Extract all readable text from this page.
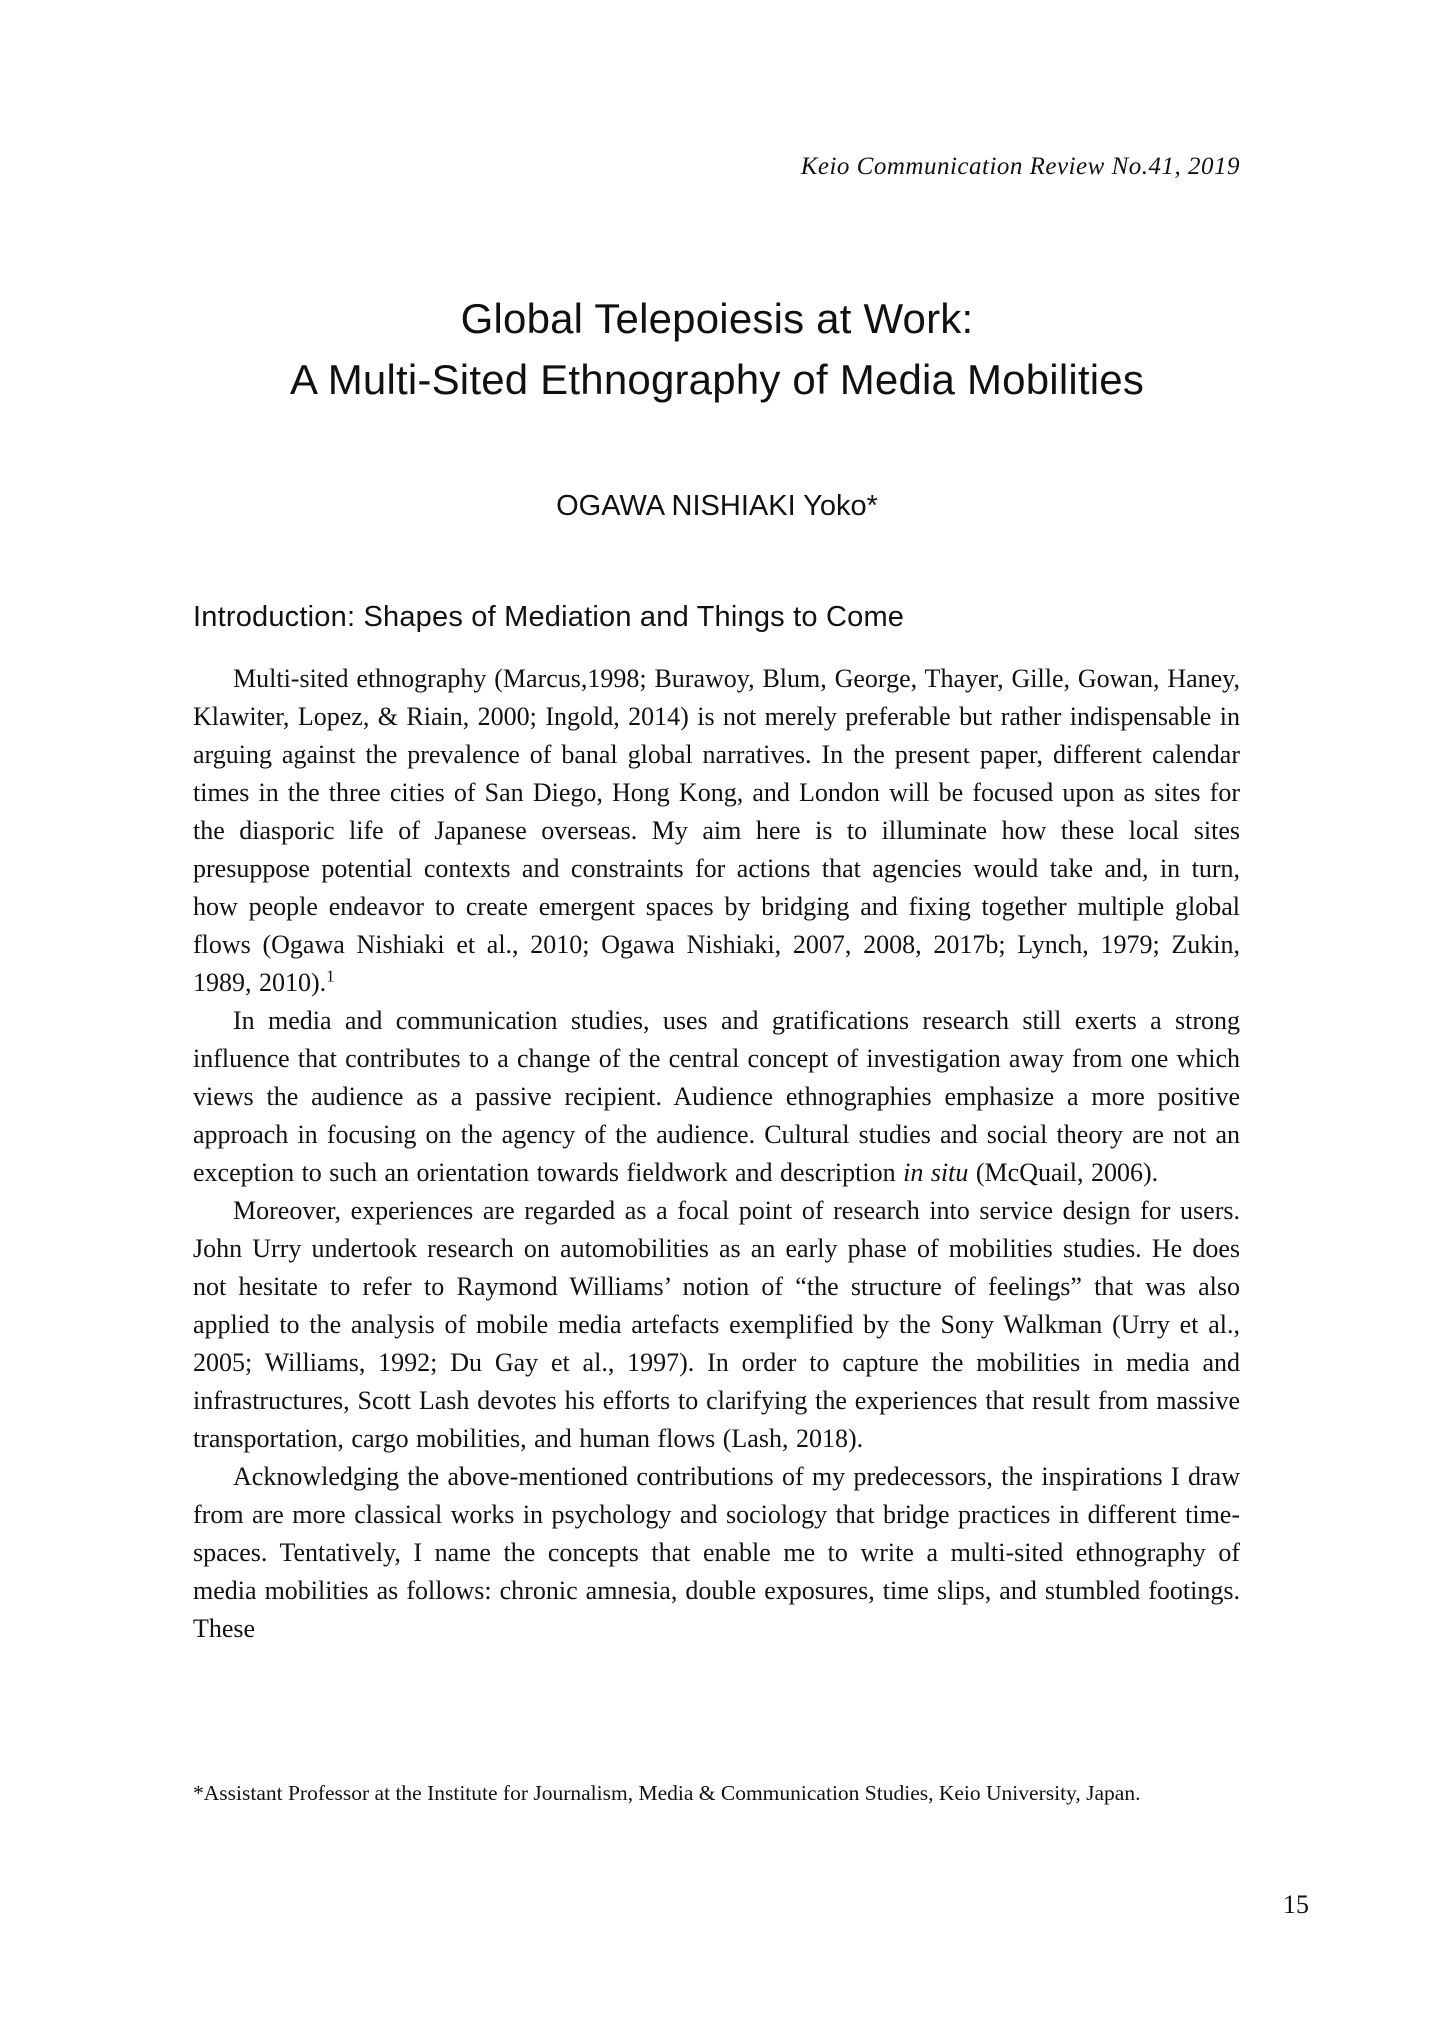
Keio Communication Review No.41, 2019
Global Telepoiesis at Work:
A Multi-Sited Ethnography of Media Mobilities
OGAWA NISHIAKI Yoko*
Introduction: Shapes of Mediation and Things to Come

Multi-sited ethnography (Marcus,1998; Burawoy, Blum, George, Thayer, Gille, Gowan, Haney, Klawiter, Lopez, & Riain, 2000; Ingold, 2014) is not merely preferable but rather indispensable in arguing against the prevalence of banal global narratives. In the present paper, different calendar times in the three cities of San Diego, Hong Kong, and London will be focused upon as sites for the diasporic life of Japanese overseas. My aim here is to illuminate how these local sites presuppose potential contexts and constraints for actions that agencies would take and, in turn, how people endeavor to create emergent spaces by bridging and fixing together multiple global flows (Ogawa Nishiaki et al., 2010; Ogawa Nishiaki, 2007, 2008, 2017b; Lynch, 1979; Zukin, 1989, 2010).$^1$

In media and communication studies, uses and gratifications research still exerts a strong influence that contributes to a change of the central concept of investigation away from one which views the audience as a passive recipient. Audience ethnographies emphasize a more positive approach in focusing on the agency of the audience. Cultural studies and social theory are not an exception to such an orientation towards fieldwork and description in situ (McQuail, 2006).

Moreover, experiences are regarded as a focal point of research into service design for users. John Urry undertook research on automobilities as an early phase of mobilities studies. He does not hesitate to refer to Raymond Williams’ notion of “the structure of feelings” that was also applied to the analysis of mobile media artefacts exemplified by the Sony Walkman (Urry et al., 2005; Williams, 1992; Du Gay et al., 1997). In order to capture the mobilities in media and infrastructures, Scott Lash devotes his efforts to clarifying the experiences that result from massive transportation, cargo mobilities, and human flows (Lash, 2018).

Acknowledging the above-mentioned contributions of my predecessors, the inspirations I draw from are more classical works in psychology and sociology that bridge practices in different time-spaces. Tentatively, I name the concepts that enable me to write a multi-sited ethnography of media mobilities as follows: chronic amnesia, double exposures, time slips, and stumbled footings. These

*Assistant Professor at the Institute for Journalism, Media & Communication Studies, Keio University, Japan.
15
